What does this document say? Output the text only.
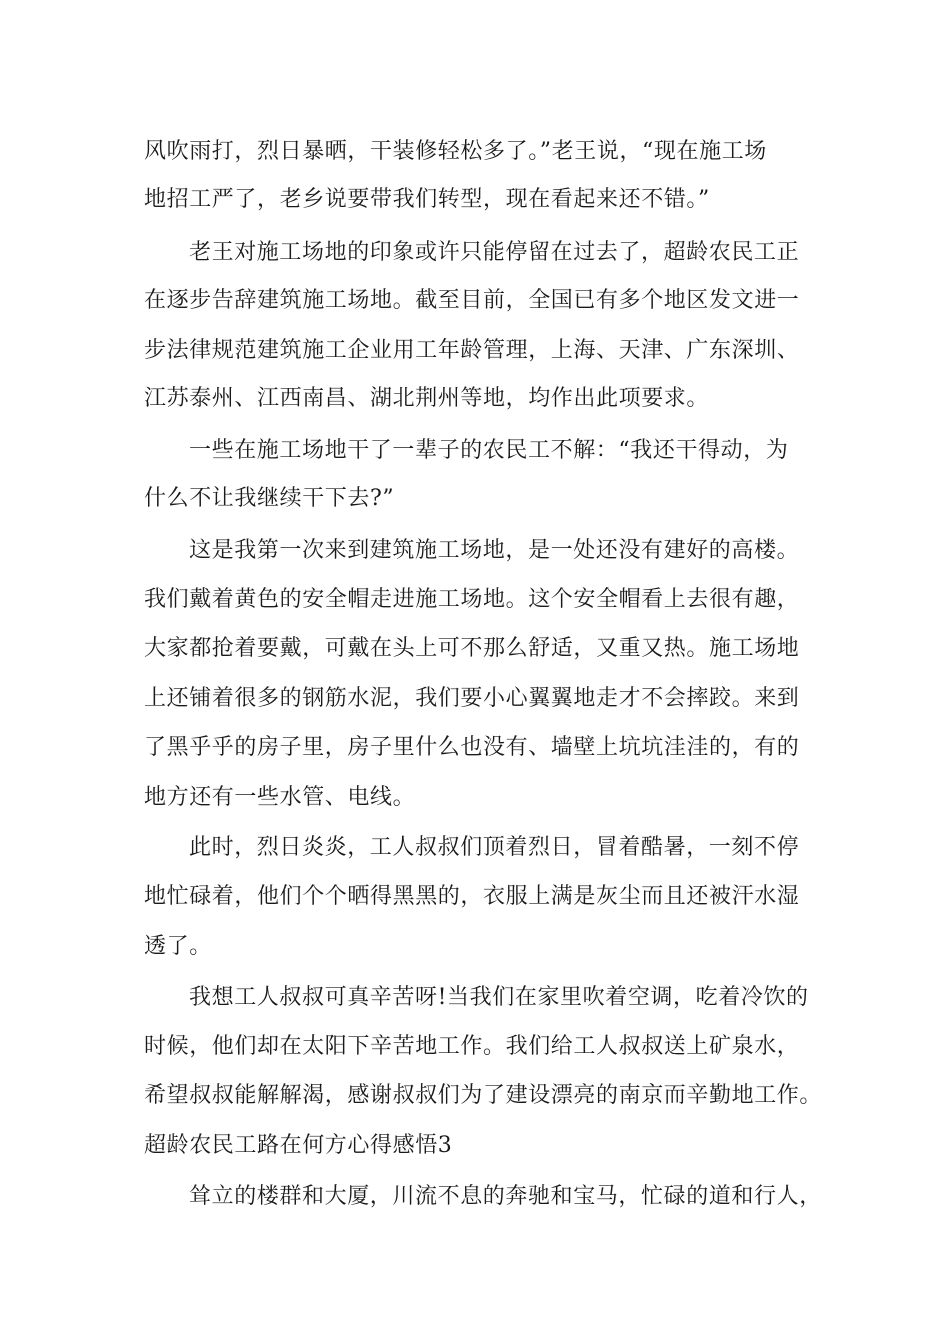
风吹雨打，烈日暴晒，干装修轻松多了。”老王说，“现在施工场
地招工严了，老乡说要带我们转型，现在看起来还不错。”
老王对施工场地的印象或许只能停留在过去了，超龄农民工正
在逐步告辞建筑施工场地。截至目前，全国已有多个地区发文进一
步法律规范建筑施工企业用工年龄管理，上海、天津、广东深圳、
江苏泰州、江西南昌、湖北荆州等地，均作出此项要求。
一些在施工场地干了一辈子的农民工不解：“我还干得动，为
什么不让我继续干下去?”
这是我第一次来到建筑施工场地，是一处还没有建好的高楼。
我们戴着黄色的安全帽走进施工场地。这个安全帽看上去很有趣，
大家都抢着要戴，可戴在头上可不那么舒适，又重又热。施工场地
上还铺着很多的钢筋水泥，我们要小心翼翼地走才不会摔跤。来到
了黑乎乎的房子里，房子里什么也没有、墙壁上坑坑洼洼的，有的
地方还有一些水管、电线。
此时，烈日炎炎，工人叔叔们顶着烈日，冒着酷暑，一刻不停
地忙碌着，他们个个晒得黑黑的，衣服上满是灰尘而且还被汗水湿
透了。
我想工人叔叔可真辛苦呀!当我们在家里吹着空调，吃着冷饮的
时候，他们却在太阳下辛苦地工作。我们给工人叔叔送上矿泉水，
希望叔叔能解解渴，感谢叔叔们为了建设漂亮的南京而辛勤地工作。
超龄农民工路在何方心得感悟3
耸立的楼群和大厦，川流不息的奔驰和宝马，忙碌的道和行人，
